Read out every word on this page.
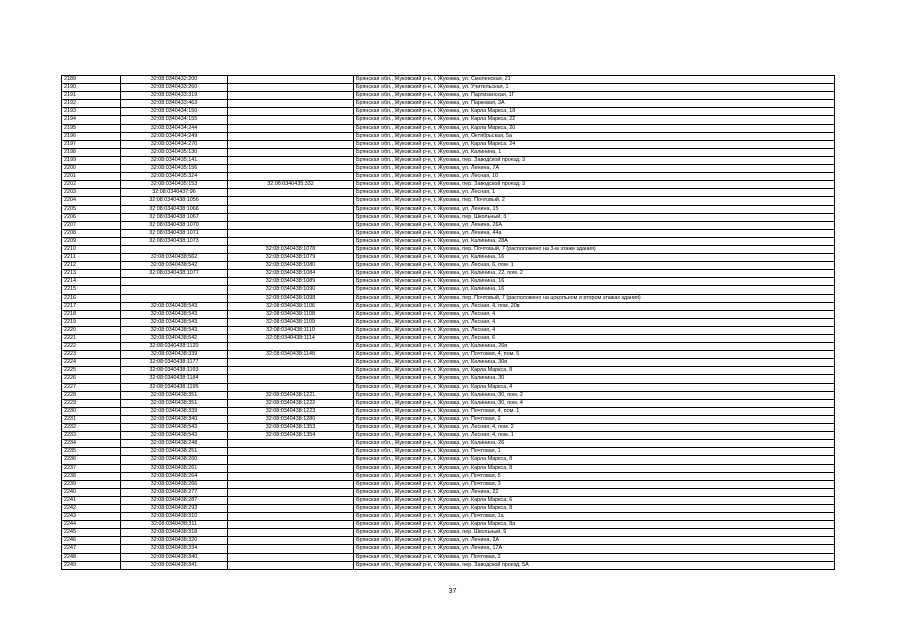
2189	32:08:0340432:200		Брянская обл., Жуковский р-н, г. Жуковка, ул. Смоленская, 21
2190	32:08:0340433:260		Брянская обл., Жуковский р-н, г. Жуковка, ул. Учительская, 1
2191	32:08:0340433:319		Брянская обл., Жуковский р-н, г. Жуковка, ул. Партизанская, 1Г
2192	32:08:0340433:463		Брянская обл., Жуковский р-н, г. Жуковка, ул. Парковая, 3А
2193	32:08:0340434:150		Брянская обл., Жуковский р-н, г. Жуковка, ул. Карла Маркса, 18
2194	32:08:0340434:155		Брянская обл., Жуковский р-н, г. Жуковка, ул. Карла Маркса, 22
2195	32:08:0340434:244		Брянская обл., Жуковский р-н, г. Жуковка, ул. Карла Маркса, 20
2196	32:08:0340434:249		Брянская обл., Жуковский р-н, г. Жуковка, ул. Октябрьская, 5а
2197	32:08:0340434:270		Брянская обл., Жуковский р-н, г. Жуковка, ул. Карла Маркса, 24
2198	32:08:0340435:130		Брянская обл., Жуковский р-н, г. Жуковка, ул. Калинина, 1
2199	32:08:0340435:141		Брянская обл., Жуковский р-н, г. Жуковка, пер. Заводской проезд, 3
2200	32:08:0340435:156		Брянская обл., Жуковский р-н, г. Жуковка, ул. Ленина, 7А
2201	32:08:0340435:324		Брянская обл., Жуковский р-н, г. Жуковка, ул. Лесная, 10
2202	32:08:0340435:153	32:08:0340435:332	Брянская обл., Жуковский р-н, г. Жуковка, пер. Заводской проезд, 3
2203	32:08:0340437:96		Брянская обл., Жуковский р-н, г. Жуковка, ул. Лесная, 1
2204	32:08:0340438:1056		Брянская обл., Жуковский р-н, г. Жуковка, пер. Почтовый, 2
2205	32:08:0340438:1066		Брянская обл., Жуковский р-н, г. Жуковка, ул. Ленина, 15
2206	32:08:0340438:1067		Брянская обл., Жуковский р-н, г. Жуковка, пер. Школьный, 3
2207	32:08:0340438:1070		Брянская обл., Жуковский р-н, г. Жуковка, ул. Ленина, 26А
2208	32:08:0340438:1071		Брянская обл., Жуковский р-н, г. Жуковка, ул. Ленина, 44а
2209	32:08:0340438:1073		Брянская обл., Жуковский р-н, г. Жуковка, ул. Калинина, 28А
2210		32:08:0340438:1078	Брянская обл., Жуковский р-н, г. Жуковка, пер. Почтовый, 7 (расположено на 3-м этаже здания)
2211	32:08:0340438:562	32:08:0340438:1079	Брянская обл., Жуковский р-н, г. Жуковка, ул. Калинина, 16
2212	32:08:0340438:542	32:08:0340438:1080	Брянская обл., Жуковский р-н, г. Жуковка, ул. Лесная, 6, пом. 1
2213	32:08:0340438:1077	32:08:0340438:1084	Брянская обл., Жуковский р-н, г. Жуковка, ул. Калинина, 22, пом. 2
2214		32:08:0340438:1089	Брянская обл., Жуковский р-н, г. Жуковка, ул. Калинина, 16
2215		32:08:0340438:1090	Брянская обл., Жуковский р-н, г. Жуковка, ул. Калинина, 16
2216		32:08:0340438:1098	Брянская обл., Жуковский р-н, г. Жуковка, пер. Почтовый, 7 (расположено на цокольном и втором этажах здания)
2217	32:08:0340438:543	32:08:0340438:1106	Брянская обл., Жуковский р-н, г. Жуковка, ул. Лесная, 4, пом. 20в
2218	32:08:0340438:543	32:08:0340438:1108	Брянская обл., Жуковский р-н, г. Жуковка, ул. Лесная, 4
2219	32:08:0340438:543	32:08:0340438:1109	Брянская обл., Жуковский р-н, г. Жуковка, ул. Лесная, 4
2220	32:08:0340438:543	32:08:0340438:1110	Брянская обл., Жуковский р-н, г. Жуковка, ул. Лесная, 4
2221	32:08:0340438:542	32:08:0340438:1114	Брянская обл., Жуковский р-н, г. Жуковка, ул. Лесная, 6
2222	32:08:0340438:1120		Брянская обл., Жуковский р-н, г. Жуковка, ул. Калинина, 26в
2223	32:08:0340438:339	32:08:0340438:1148	Брянская обл., Жуковский р-н, г. Жуковка, ул. Почтовая, 4, пом. 5
2224	32:08:0340438:1177		Брянская обл., Жуковский р-н, г. Жуковка, ул. Калинина, 30в
2225	32:08:0340438:1193		Брянская обл., Жуковский р-н, г. Жуковка, ул. Карла Маркса, 8
2226	32:08:0340438:1184		Брянская обл., Жуковский р-н, г. Жуковка, ул. Калинина, 30
2227	32:08:0340438:1195		Брянская обл., Жуковский р-н, г. Жуковка, ул. Карла Маркса, 4
2228	32:08:0340438:351	32:08:0340438:1221	Брянская обл., Жуковский р-н, г. Жуковка, ул. Калинина, 30, пом. 2
2229	32:08:0340438:351	32:08:0340438:1222	Брянская обл., Жуковский р-н, г. Жуковка, ул. Калинина, 30, пом. 4
2230	32:08:0340438:339	32:08:0340438:1223	Брянская обл., Жуковский р-н, г. Жуковка, ул. Почтовая, 4, пом. 1
2231	32:08:0340438:340	32:08:0340438:1280	Брянская обл., Жуковский р-н, г. Жуковка, ул. Почтовая, 2
2232	32:08:0340438:543	32:08:0340438:1353	Брянская обл., Жуковский р-н, г. Жуковка, ул. Лесная, 4, пом. 2
2233	32:08:0340438:543	32:08:0340438:1354	Брянская обл., Жуковский р-н, г. Жуковка, ул. Лесная, 4, пом. 1
2234	32:08:0340438:248		Брянская обл., Жуковский р-н, г. Жуковка, ул. Калинина, 26
2235	32:08:0340438:251		Брянская обл., Жуковский р-н, г. Жуковка, ул. Почтовая, 1
2236	32:08:0340438:260		Брянская обл., Жуковский р-н, г. Жуковка, ул. Карла Маркса, 8
2237	32:08:0340438:261		Брянская обл., Жуковский р-н, г. Жуковка, ул. Карла Маркса, 8
2238	32:08:0340438:264		Брянская обл., Жуковский р-н, г. Жуковка, ул. Почтовая, 5
2239	32:08:0340438:266		Брянская обл., Жуковский р-н, г. Жуковка, ул. Почтовая, 3
2240	32:08:0340438:277		Брянская обл., Жуковский р-н, г. Жуковка, ул. Ленина, 22
2241	32:08:0340438:287		Брянская обл., Жуковский р-н, г. Жуковка, ул. Карла Маркса, 6
2242	32:08:0340438:293		Брянская обл., Жуковский р-н, г. Жуковка, ул. Карла Маркса, 8
2243	32:08:0340438:310		Брянская обл., Жуковский р-н, г. Жуковка, ул. Почтовая, 1а
2244	32:08:0340438:311		Брянская обл., Жуковский р-н, г. Жуковка, ул. Карла Маркса, 8а
2245	32:08:0340438:318		Брянская обл., Жуковский р-н, г. Жуковка, пер. Школьный, 9
2246	32:08:0340438:320		Брянская обл., Жуковский р-н, г. Жуковка, ул. Ленина, 2А
2247	32:08:0340438:334		Брянская обл., Жуковский р-н, г. Жуковка, ул. Ленина, 17А
2248	32:08:0340438:340		Брянская обл., Жуковский р-н, г. Жуковка, ул. Почтовая, 2
2249	32:08:0340438:341		Брянская обл., Жуковский р-н, г. Жуковка, пер. Заводской проезд, 5А
37
